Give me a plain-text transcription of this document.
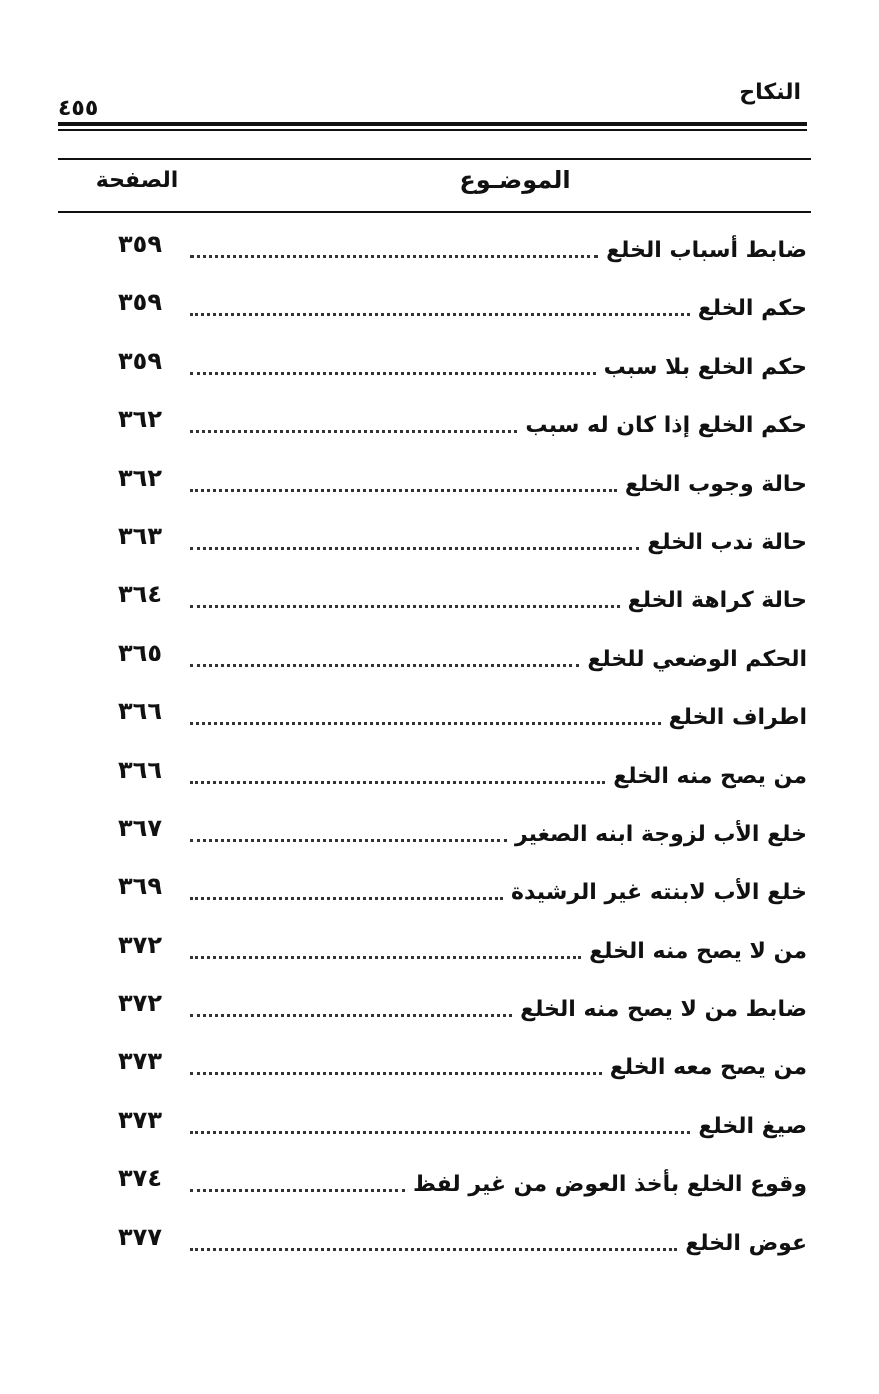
النكاح
٤٥٥
الموضـوع
الصفحة
ضابط أسباب الخلع
٣٥٩
حكم الخلع
٣٥٩
حكم الخلع بلا سبب
٣٥٩
حكم الخلع إذا كان له سبب
٣٦٢
حالة وجوب الخلع
٣٦٢
حالة ندب الخلع
٣٦٣
حالة كراهة الخلع
٣٦٤
الحكم الوضعي للخلع
٣٦٥
اطراف الخلع
٣٦٦
من يصح منه الخلع
٣٦٦
خلع الأب لزوجة ابنه الصغير
٣٦٧
خلع الأب لابنته غير الرشيدة
٣٦٩
من لا يصح منه الخلع
٣٧٢
ضابط من لا يصح منه الخلع
٣٧٢
من يصح معه الخلع
٣٧٣
صيغ الخلع
٣٧٣
وقوع الخلع بأخذ العوض من غير لفظ
٣٧٤
عوض الخلع
٣٧٧
